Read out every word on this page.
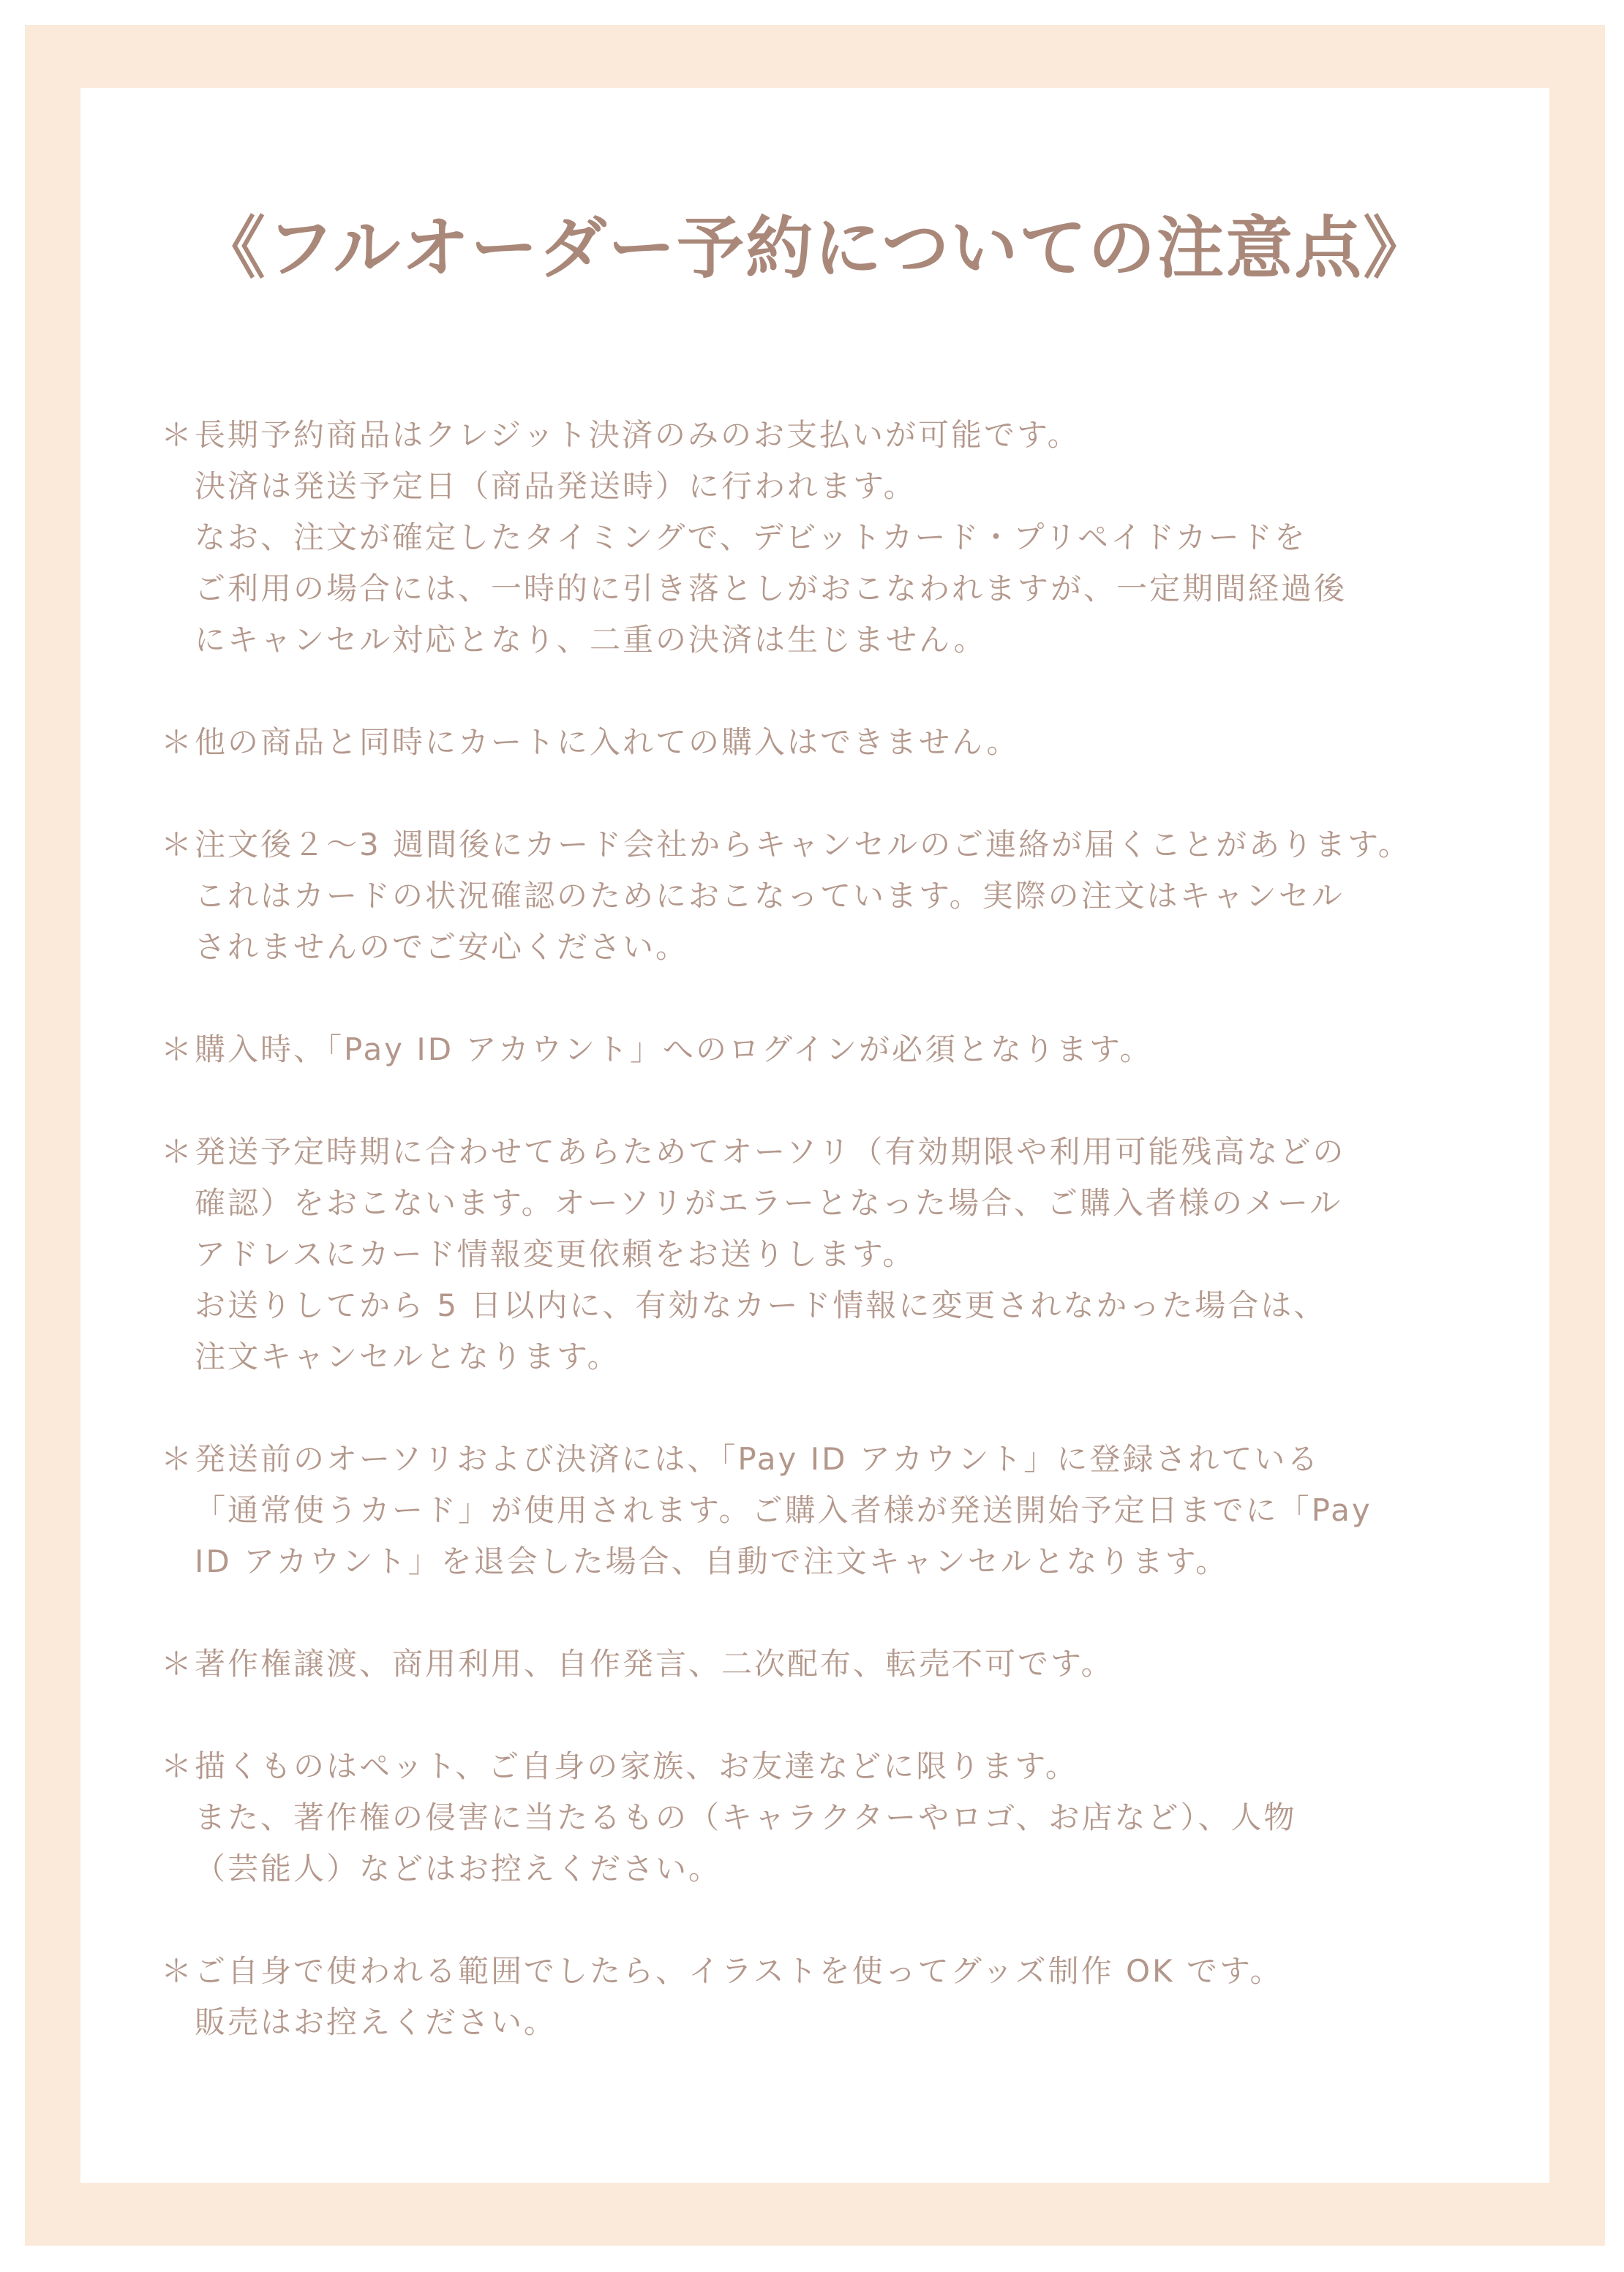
《フルオーダー予約についての注意点》
＊ 長期予約商品はクレジット決済のみのお支払いが可能です。
決済は発送予定日（商品発送時）に行われます。
なお、注文が確定したタイミングで、デビットカード・プリペイドカードを
ご利用の場合には、一時的に引き落としがおこなわれますが、一定期間経過後
にキャンセル対応となり、二重の決済は生じません。
＊ 他の商品と同時にカートに入れての購入はできません。
＊ 注文後２〜3 週間後にカード会社からキャンセルのご連絡が届くことがあります。
これはカードの状況確認のためにおこなっています。実際の注文はキャンセル
されませんのでご安心ください。
＊ 購入時、「Pay ID アカウント」へのログインが必須となります。
＊ 発送予定時期に合わせてあらためてオーソリ（有効期限や利用可能残高などの
確認）をおこないます。オーソリがエラーとなった場合、ご購入者様のメール
アドレスにカード情報変更依頼をお送りします。
お送りしてから 5 日以内に、有効なカード情報に変更されなかった場合は、
注文キャンセルとなります。
＊ 発送前のオーソリおよび決済には、「Pay ID アカウント」に登録されている
「通常使うカード」が使用されます。ご購入者様が発送開始予定日までに「Pay
ID アカウント」を退会した場合、自動で注文キャンセルとなります。
＊ 著作権譲渡、商用利用、自作発言、二次配布、転売不可です。
＊ 描くものはペット、ご自身の家族、お友達などに限ります。
また、著作権の侵害に当たるもの（キャラクターやロゴ、お店など）、人物
（芸能人）などはお控えください。
＊ ご自身で使われる範囲でしたら、イラストを使ってグッズ制作 OK です。
販売はお控えください。
